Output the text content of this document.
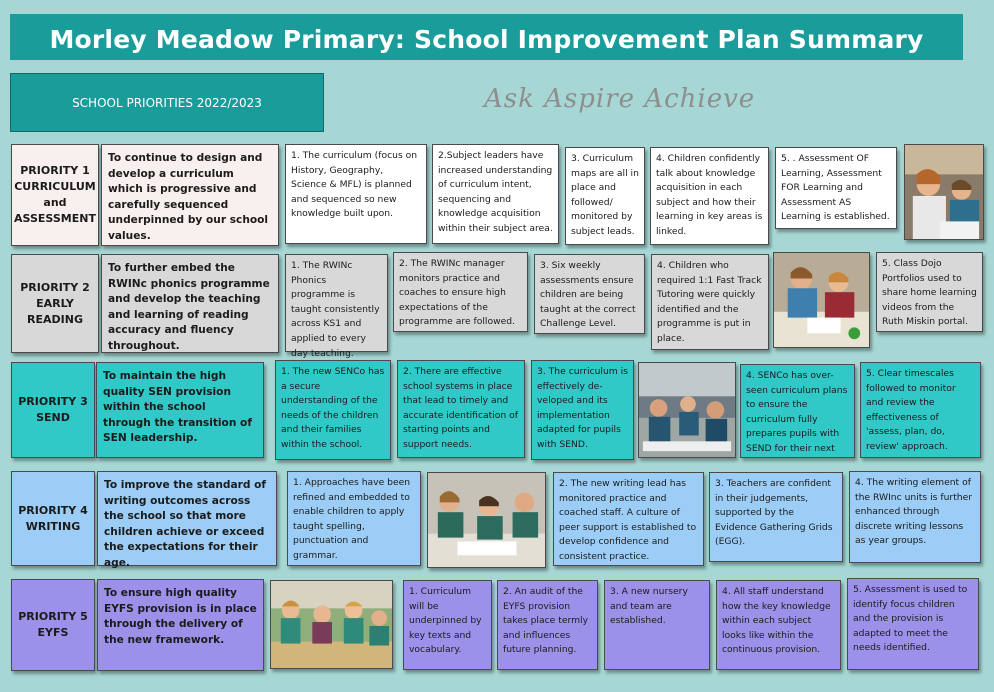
Morley Meadow Primary: School Improvement Plan Summary
SCHOOL PRIORITIES 2022/2023	Ask Aspire Achieve
PRIORITY 1
CURRICULUM
and
ASSESSMENT
To continue to design and develop a curriculum which is progressive and carefully sequenced underpinned by our school values.
1. The curriculum (focus on History, Geography, Science & MFL) is planned and sequenced so new knowledge built upon.
2.Subject leaders have increased understanding of curriculum intent, sequencing and knowledge acquisition within their subject area.
3. Curriculum maps are all in place and followed/ monitored by subject leads.
4. Children confidently talk about knowledge acquisition in each subject and how their learning in key areas is linked.
5. . Assessment OF Learning, Assessment FOR Learning and Assessment AS Learning is established.
PRIORITY 2
EARLY
READING
To further embed the RWINc phonics programme and develop the teaching and learning of reading accuracy and fluency throughout.
1. The RWINc Phonics programme is taught consistently across KS1 and applied to every day teaching.
2. The RWINc manager monitors practice and coaches to ensure high expectations of the programme are followed.
3. Six weekly assessments ensure children are being taught at the correct Challenge Level.
4. Children who required 1:1 Fast Track Tutoring were quickly identified and the programme is put in place.
5. Class Dojo Portfolios used to share home learning videos from the Ruth Miskin portal.
PRIORITY 3
SEND
To maintain the high quality SEN provision within the school through the transition of SEN leadership.
1. The new SENCo has a secure understanding of the needs of the children and their families within the school.
2. There are effective school systems in place that lead to timely and accurate identification of starting points and support needs.
3. The curriculum is effectively de-veloped and its implementation adapted for pupils with SEND.
4. SENCo has over-seen curriculum plans to ensure the curriculum fully prepares pupils with SEND for their next
5. Clear timescales followed to monitor and review the effectiveness of 'assess, plan, do, review' approach.
PRIORITY 4
WRITING
To improve the standard of writing outcomes across the school so that more children achieve or exceed the expectations for their age.
1. Approaches have been refined and embedded to enable children to apply taught spelling, punctuation and grammar.
2. The new writing lead has monitored practice and coached staff. A culture of peer support is established to develop confidence and consistent practice.
3. Teachers are confident in their judgements, supported by the Evidence Gathering Grids (EGG).
4. The writing element of the RWInc units is further enhanced through discrete writing lessons as year groups.
PRIORITY 5
EYFS
To ensure high quality EYFS provision is in place through the delivery of the new framework.
1. Curriculum will be underpinned by key texts and vocabulary.
2. An audit of the EYFS provision takes place termly and influences future planning.
3. A new nursery and team are established.
4. All staff understand how the key knowledge within each subject looks like within the continuous provision.
5. Assessment is used to identify focus children and the provision is adapted to meet the needs identified.
